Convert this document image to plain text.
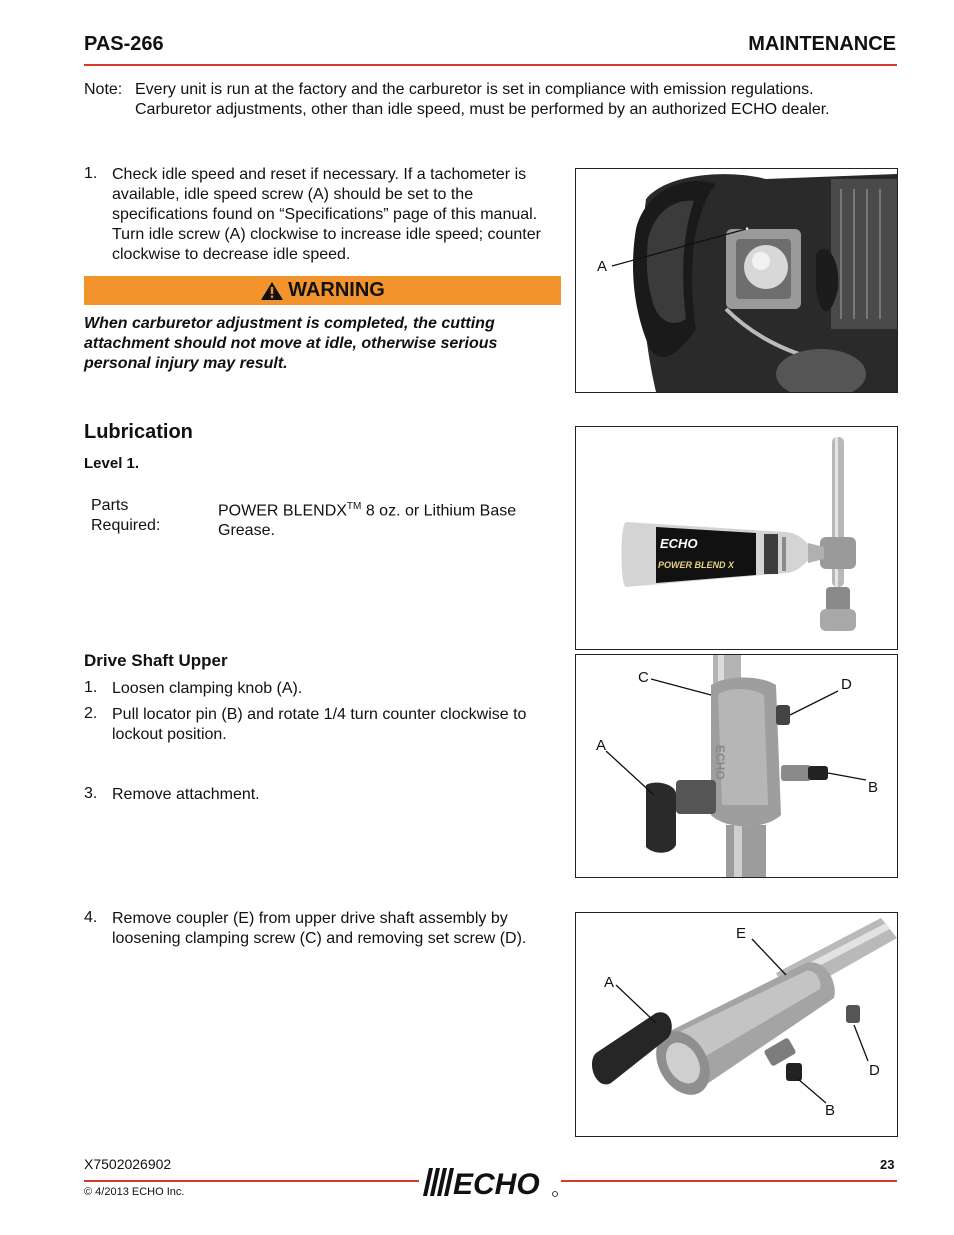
PAS-266	MAINTENANCE
Note: Every unit is run at the factory and the carburetor is set in compliance with emission regulations.
Carburetor adjustments, other than idle speed, must be performed by an authorized ECHO dealer.
1. Check idle speed and reset if necessary. If a tachometer is
available, idle speed screw (A) should be set to the
specifications found on “Specifications” page of this manual.
Turn idle screw (A) clockwise to increase idle speed; counter
clockwise to decrease idle speed.
WARNING
When carburetor adjustment is completed, the cutting
attachment should not move at idle, otherwise serious
personal injury may result.
A
Lubrication
Level 1.
Parts
Required:
POWER BLENDX™ 8 oz. or Lithium Base
Grease.
ECHO
POWER BLEND X
Drive Shaft Upper
1. Loosen clamping knob (A).
2. Pull locator pin (B) and rotate 1/4 turn counter clockwise to
lockout position.
3. Remove attachment.
4. Remove coupler (E) from upper drive shaft assembly by
loosening clamping screw (C) and removing set screw (D).
ECHO
C	D
A
B
E
A
D
B
X7502026902	23
ECHO
© 4/2013 ECHO Inc.
